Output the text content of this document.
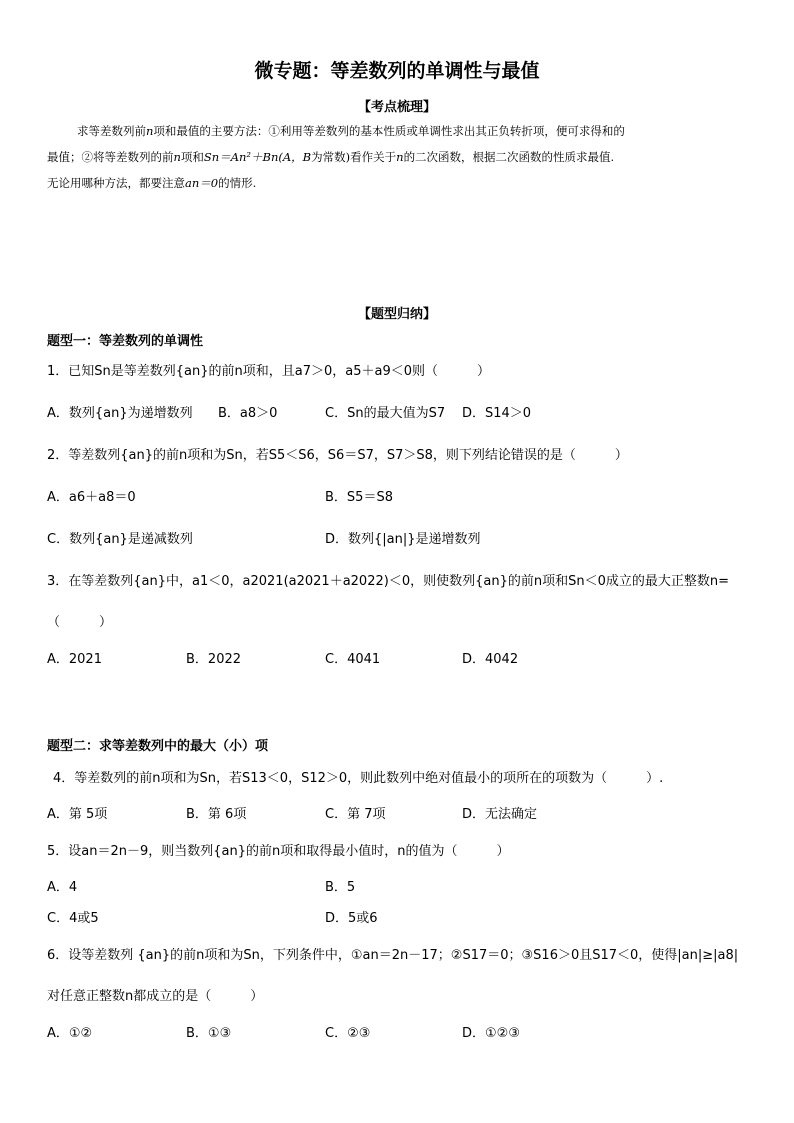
微专题：等差数列的单调性与最值
【考点梳理】
求等差数列前n项和最值的主要方法：①利用等差数列的基本性质或单调性求出其正负转折项，便可求得和的
最值；②将等差数列的前n项和Sn＝An²＋Bn(A，B为常数)看作关于n的二次函数，根据二次函数的性质求最值.
无论用哪种方法，都要注意an＝0的情形.
【题型归纳】
题型一：等差数列的单调性
1．已知Sn是等差数列{an}的前n项和，且a7＞0，a5＋a9＜0则（　　　）
A．数列{an}为递增数列 B．a8＞0	C．Sn的最大值为S7 D．S14＞0
2．等差数列{an}的前n项和为Sn，若S5＜S6，S6＝S7，S7＞S8，则下列结论错误的是（　　　）
A．a6＋a8＝0	B．S5＝S8
C．数列{an}是递减数列	D．数列{|an|}是递增数列
3．在等差数列{an}中，a1＜0，a2021(a2021＋a2022)＜0，则使数列{an}的前n项和Sn＜0成立的最大正整数n=
（　　　）
A．2021	B．2022	C．4041	D．4042
题型二：求等差数列中的最大（小）项
4．等差数列的前n项和为Sn，若S13＜0，S12＞0，则此数列中绝对值最小的项所在的项数为（　　　）.
A．第 5项	B．第 6项	C．第 7项	D．无法确定
5．设an＝2n－9，则当数列{an}的前n项和取得最小值时，n的值为（　　　）
A．4	B．5
C．4或5	D．5或6
6．设等差数列 {an}的前n项和为Sn，下列条件中，①an＝2n－17；②S17＝0；③S16＞0且S17＜0，使得|an|≥|a8|
对任意正整数n都成立的是（　　　）
A．①②	B．①③	C．②③	D．①②③
